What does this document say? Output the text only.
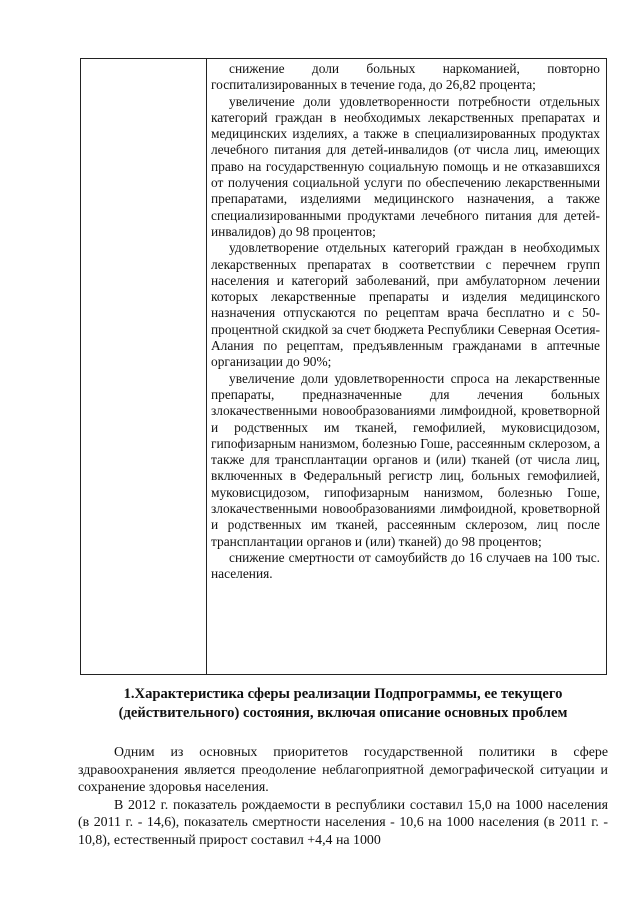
снижение доли больных наркоманией, повторно госпитализированных в течение года, до 26,82 процента;

увеличение доли удовлетворенности потребности отдельных категорий граждан в необходимых лекарственных препаратах и медицинских изделиях, а также в специализированных продуктах лечебного питания для детей-инвалидов (от числа лиц, имеющих право на государственную социальную помощь и не отказавшихся от получения социальной услуги по обеспечению лекарственными препаратами, изделиями медицинского назначения, а также специализированными продуктами лечебного питания для детей-инвалидов) до 98 процентов;

удовлетворение отдельных категорий граждан в необходимых лекарственных препаратах в соответствии с перечнем групп населения и категорий заболеваний, при амбулаторном лечении которых лекарственные препараты и изделия медицинского назначения отпускаются по рецептам врача бесплатно и с 50-процентной скидкой за счет бюджета Республики Северная Осетия-Алания по рецептам, предъявленным гражданами в аптечные организации до 90%;

увеличение доли удовлетворенности спроса на лекарственные препараты, предназначенные для лечения больных злокачественными новообразованиями лимфоидной, кроветворной и родственных им тканей, гемофилией, муковисцидозом, гипофизарным нанизмом, болезнью Гоше, рассеянным склерозом, а также для трансплантации органов и (или) тканей (от числа лиц, включенных в Федеральный регистр лиц, больных гемофилией, муковисцидозом, гипофизарным нанизмом, болезнью Гоше, злокачественными новообразованиями лимфоидной, кроветворной и родственных им тканей, рассеянным склерозом, лиц после трансплантации органов и (или) тканей) до 98 процентов;

снижение смертности от самоубийств до 16 случаев на 100 тыс. населения.

1.Характеристика сферы реализации Подпрограммы, ее текущего (действительного) состояния, включая описание основных проблем

Одним из основных приоритетов государственной политики в сфере здравоохранения является преодоление неблагоприятной демографической ситуации и сохранение здоровья населения.

В 2012 г. показатель рождаемости в республики составил 15,0 на 1000 населения (в 2011 г. - 14,6), показатель смертности населения - 10,6 на 1000 населения (в 2011 г. - 10,8), естественный прирост составил +4,4 на 1000
